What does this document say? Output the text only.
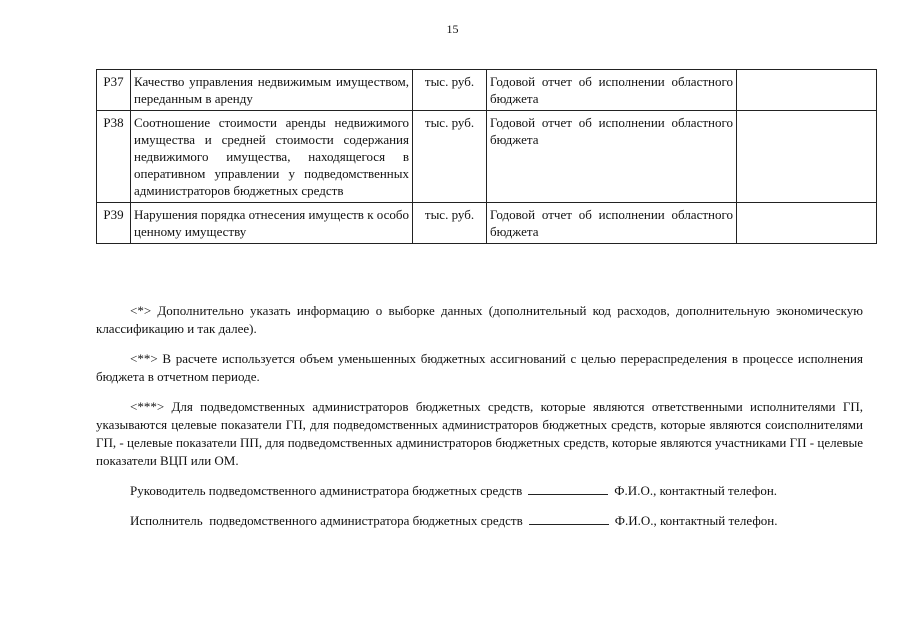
15
Р37	Качество управления недвижимым имуществом, переданным в аренду	тыс. руб.	Годовой отчет об исполнении областного бюджета	
Р38	Соотношение стоимости аренды недвижимого имущества и средней стоимости содержания недвижимого имущества, находящегося в оперативном управлении у подведомственных администраторов бюджетных средств	тыс. руб.	Годовой отчет об исполнении областного бюджета	
Р39	Нарушения порядка отнесения имуществ к особо ценному имуществу	тыс. руб.	Годовой отчет об исполнении областного бюджета	

<*> Дополнительно указать информацию о выборке данных (дополнительный код расходов, дополнительную экономическую классификацию и так далее).

<**> В расчете используется объем уменьшенных бюджетных ассигнований с целью перераспределения в процессе исполнения бюджета в отчетном периоде.

<***> Для подведомственных администраторов бюджетных средств, которые являются ответственными исполнителями ГП, указываются целевые показатели ГП, для подведомственных администраторов бюджетных средств, которые являются соисполнителями ГП, - целевые показатели ПП, для подведомственных администраторов бюджетных средств, которые являются участниками ГП - целевые показатели ВЦП или ОМ.

Руководитель подведомственного администратора бюджетных средств	Ф.И.О., контактный телефон.
Исполнитель  подведомственного администратора бюджетных средств	Ф.И.О., контактный телефон.
